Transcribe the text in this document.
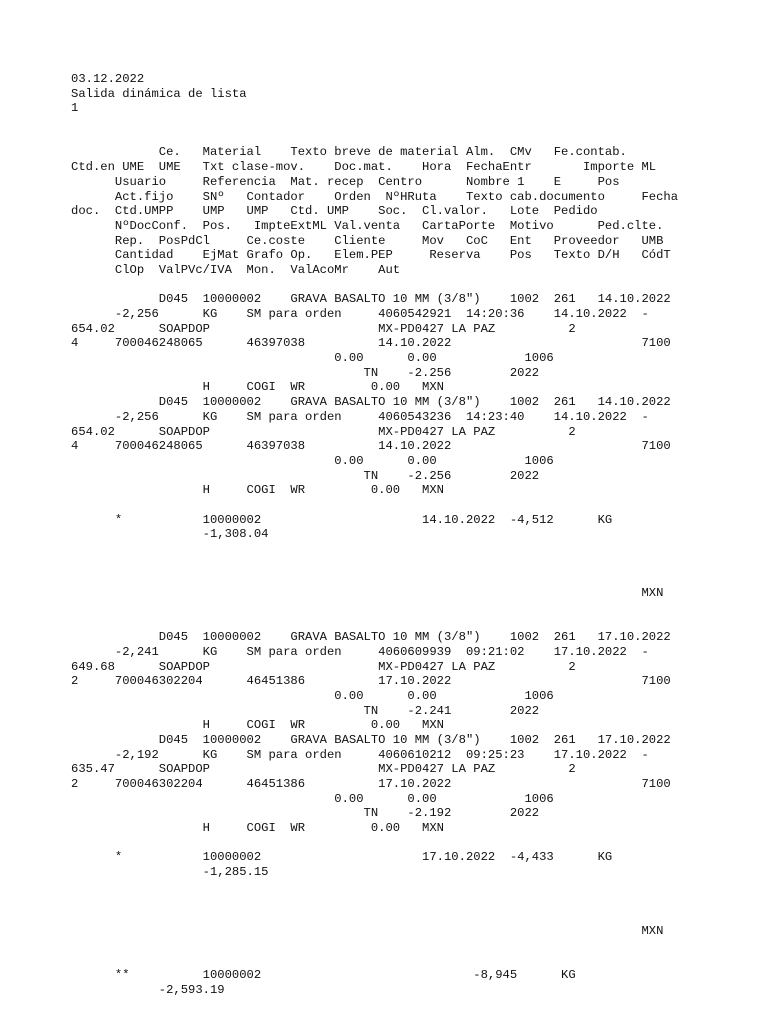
03.12.2022
Salida dinámica de lista
1

Ce.   Material    Texto breve de material Alm.  CMv   Fe.contab.
Ctd.en UME  UME   Txt clase-mov.    Doc.mat.    Hora  FechaEntr       Importe ML
Usuario     Referencia  Mat. recep  Centro      Nombre 1    E     Pos
Act.fijo    SNº   Contador    Orden  NºHRuta    Texto cab.documento     Fecha
doc.  Ctd.UMPP    UMP   UMP   Ctd. UMP    Soc.  Cl.valor.   Lote  Pedido
NºDocConf.  Pos.   ImpteExtML Val.venta   CartaPorte  Motivo      Ped.clte.
Rep.  PosPdCl     Ce.coste    Cliente     Mov   CoC   Ent   Proveedor   UMB
Cantidad    EjMat Grafo Op.   Elem.PEP     Reserva    Pos   Texto D/H   CódT
ClOp  ValPVc/IVA  Mon.  ValAcoMr    Aut

D045  10000002    GRAVA BASALTO 10 MM (3/8")    1002  261   14.10.2022
-2,256      KG    SM para orden     4060542921  14:20:36    14.10.2022  -
654.02      SOAPDOP                       MX-PD0427 LA PAZ          2
4     700046248065      46397038          14.10.2022                          7100
0.00      0.00            1006
TN    -2.256        2022
H     COGI  WR         0.00   MXN
D045  10000002    GRAVA BASALTO 10 MM (3/8")    1002  261   14.10.2022
-2,256      KG    SM para orden     4060543236  14:23:40    14.10.2022  -
654.02      SOAPDOP                       MX-PD0427 LA PAZ          2
4     700046248065      46397038          14.10.2022                          7100
0.00      0.00            1006
TN    -2.256        2022
H     COGI  WR         0.00   MXN

*           10000002                      14.10.2022  -4,512      KG
-1,308.04

MXN

D045  10000002    GRAVA BASALTO 10 MM (3/8")    1002  261   17.10.2022
-2,241      KG    SM para orden     4060609939  09:21:02    17.10.2022  -
649.68      SOAPDOP                       MX-PD0427 LA PAZ          2
2     700046302204      46451386          17.10.2022                          7100
0.00      0.00            1006
TN    -2.241        2022
H     COGI  WR         0.00   MXN
D045  10000002    GRAVA BASALTO 10 MM (3/8")    1002  261   17.10.2022
-2,192      KG    SM para orden     4060610212  09:25:23    17.10.2022  -
635.47      SOAPDOP                       MX-PD0427 LA PAZ          2
2     700046302204      46451386          17.10.2022                          7100
0.00      0.00            1006
TN    -2.192        2022
H     COGI  WR         0.00   MXN

*           10000002                      17.10.2022  -4,433      KG
-1,285.15

MXN

**          10000002                             -8,945      KG
-2,593.19
